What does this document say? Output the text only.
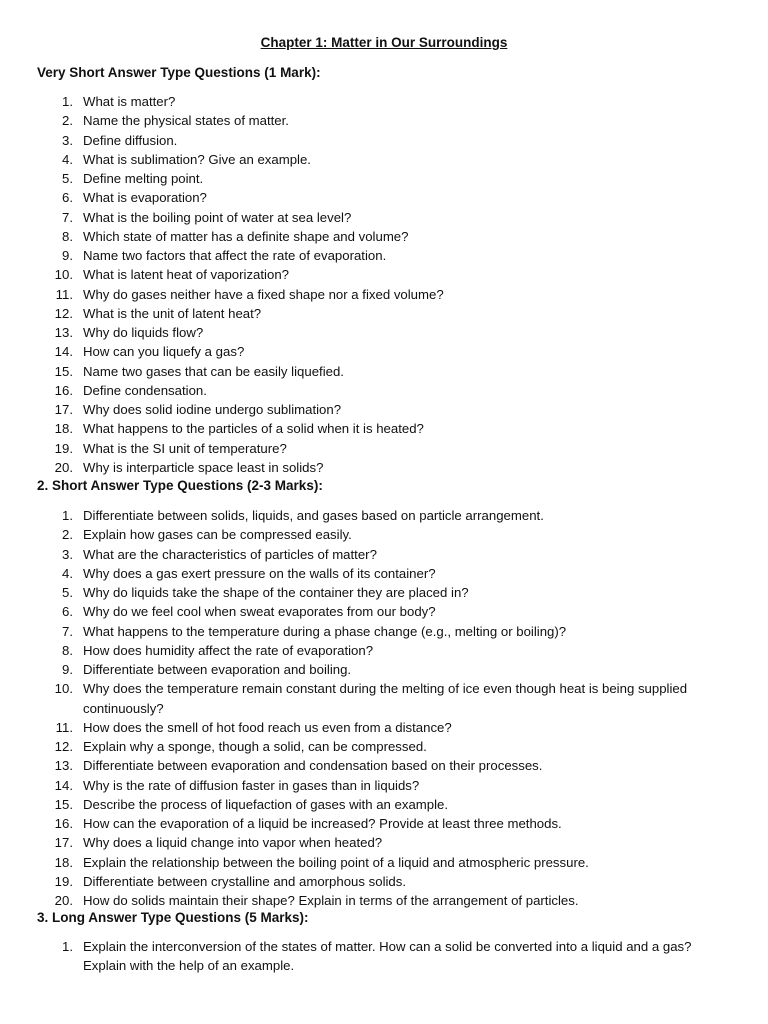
Chapter 1: Matter in Our Surroundings
Very Short Answer Type Questions (1 Mark):
1. What is matter?
2. Name the physical states of matter.
3. Define diffusion.
4. What is sublimation? Give an example.
5. Define melting point.
6. What is evaporation?
7. What is the boiling point of water at sea level?
8. Which state of matter has a definite shape and volume?
9. Name two factors that affect the rate of evaporation.
10. What is latent heat of vaporization?
11. Why do gases neither have a fixed shape nor a fixed volume?
12. What is the unit of latent heat?
13. Why do liquids flow?
14. How can you liquefy a gas?
15. Name two gases that can be easily liquefied.
16. Define condensation.
17. Why does solid iodine undergo sublimation?
18. What happens to the particles of a solid when it is heated?
19. What is the SI unit of temperature?
20. Why is interparticle space least in solids?
2. Short Answer Type Questions (2-3 Marks):
1. Differentiate between solids, liquids, and gases based on particle arrangement.
2. Explain how gases can be compressed easily.
3. What are the characteristics of particles of matter?
4. Why does a gas exert pressure on the walls of its container?
5. Why do liquids take the shape of the container they are placed in?
6. Why do we feel cool when sweat evaporates from our body?
7. What happens to the temperature during a phase change (e.g., melting or boiling)?
8. How does humidity affect the rate of evaporation?
9. Differentiate between evaporation and boiling.
10. Why does the temperature remain constant during the melting of ice even though heat is being supplied continuously?
11. How does the smell of hot food reach us even from a distance?
12. Explain why a sponge, though a solid, can be compressed.
13. Differentiate between evaporation and condensation based on their processes.
14. Why is the rate of diffusion faster in gases than in liquids?
15. Describe the process of liquefaction of gases with an example.
16. How can the evaporation of a liquid be increased? Provide at least three methods.
17. Why does a liquid change into vapor when heated?
18. Explain the relationship between the boiling point of a liquid and atmospheric pressure.
19. Differentiate between crystalline and amorphous solids.
20. How do solids maintain their shape? Explain in terms of the arrangement of particles.
3. Long Answer Type Questions (5 Marks):
1. Explain the interconversion of the states of matter. How can a solid be converted into a liquid and a gas? Explain with the help of an example.
